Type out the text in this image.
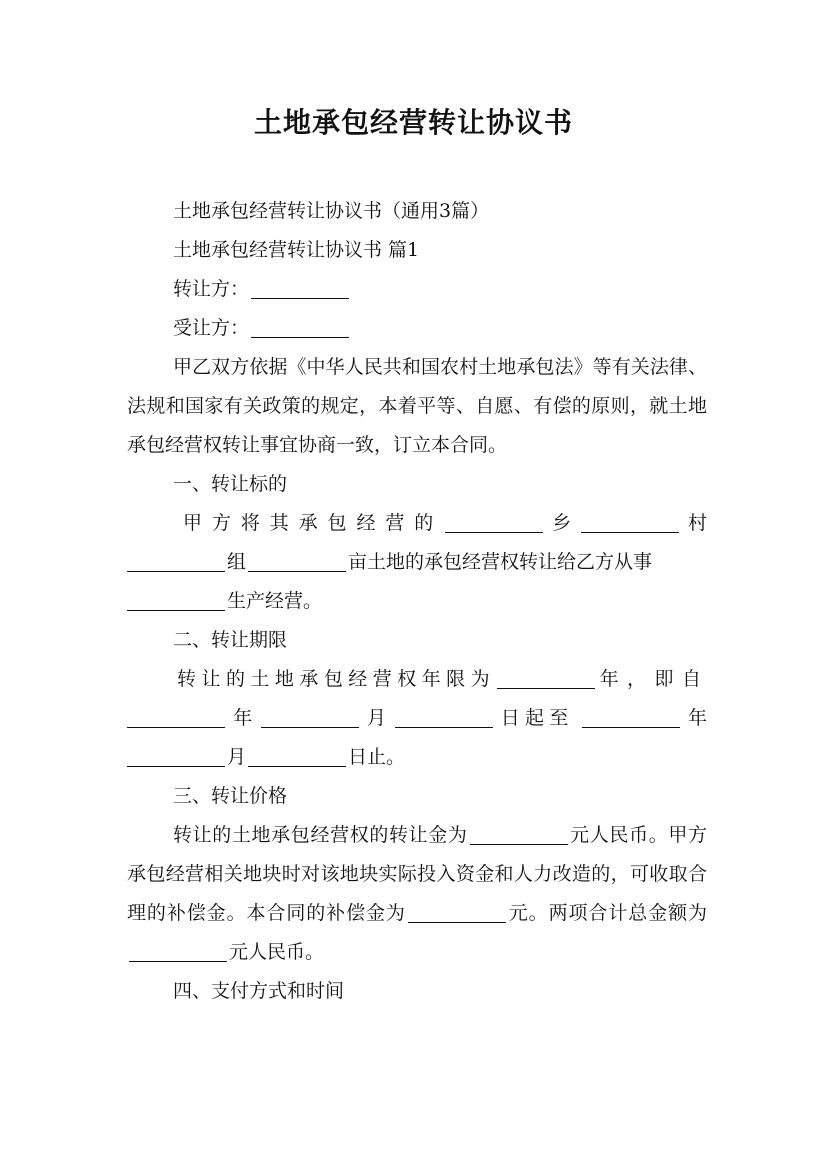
土地承包经营转让协议书

土地承包经营转让协议书（通用3篇）

土地承包经营转让协议书 篇1

转让方：

受让方：

甲乙双方依据《中华人民共和国农村土地承包法》等有关法律、法规和国家有关政策的规定，本着平等、自愿、有偿的原则，就土地承包经营权转让事宜协商一致，订立本合同。

一、转让标的

甲方将其承包经营的	乡	村

组	亩土地的承包经营权转让给乙方从事

生产经营。

二、转让期限

转让的土地承包经营权年限为	年，即自

年	月	日起至	年

月	日止。

三、转让价格

转让的土地承包经营权的转让金为	元人民币。甲方承包经营相关地块时对该地块实际投入资金和人力改造的，可收取合理的补偿金。本合同的补偿金为	元。两项合计总金额为元人民币。

四、支付方式和时间
